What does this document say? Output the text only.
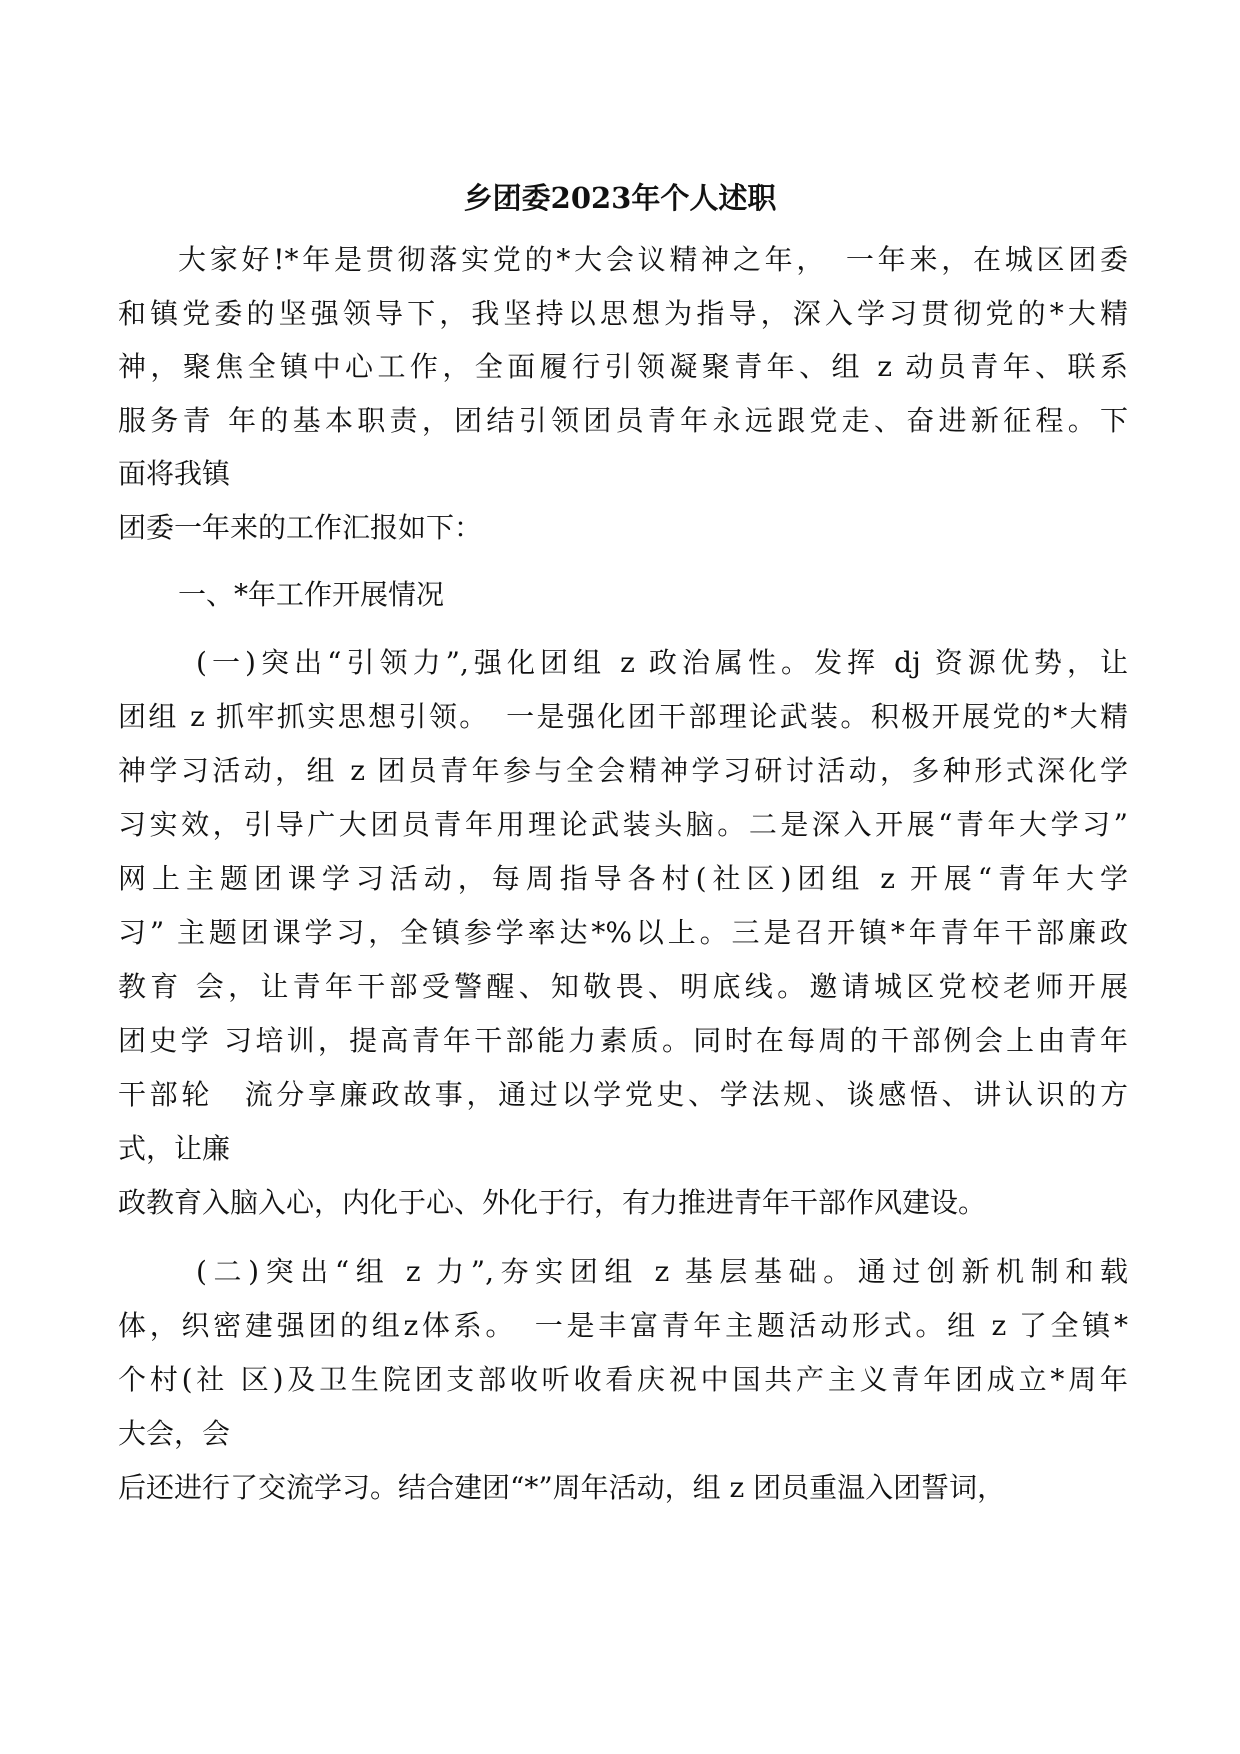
乡团委2023年个人述职
大家好!*年是贯彻落实党的*大会议精神之年，　一年来，在城区团委
和镇党委的坚强领导下，我坚持以思想为指导，深入学习贯彻党的*大精
神，聚焦全镇中心工作，全面履行引领凝聚青年、组 z 动员青年、联系
服务青 年的基本职责，团结引领团员青年永远跟党走、奋进新征程。下
面将我镇
团委一年来的工作汇报如下：
一、*年工作开展情况
(一)突出“引领力”,强化团组 z 政治属性。发挥 dj 资源优势，让
团组 z 抓牢抓实思想引领。　一是强化团干部理论武装。积极开展党的*大精
神学习活动，组 z 团员青年参与全会精神学习研讨活动，多种形式深化学
习实效，引导广大团员青年用理论武装头脑。二是深入开展“青年大学习”
网上主题团课学习活动，每周指导各村(社区)团组 z 开展“青年大学
习” 主题团课学习，全镇参学率达*%以上。三是召开镇*年青年干部廉政
教育 会，让青年干部受警醒、知敬畏、明底线。邀请城区党校老师开展
团史学 习培训，提高青年干部能力素质。同时在每周的干部例会上由青年
干部轮　流分享廉政故事，通过以学党史、学法规、谈感悟、讲认识的方
式，让廉
政教育入脑入心，内化于心、外化于行，有力推进青年干部作风建设。
(二)突出“组 z 力”,夯实团组 z 基层基础。通过创新机制和载
体，织密建强团的组z体系。　一是丰富青年主题活动形式。组 z 了全镇*
个村(社 区)及卫生院团支部收听收看庆祝中国共产主义青年团成立*周年
大会，会
后还进行了交流学习。结合建团“*”周年活动，组 z 团员重温入团誓词，
